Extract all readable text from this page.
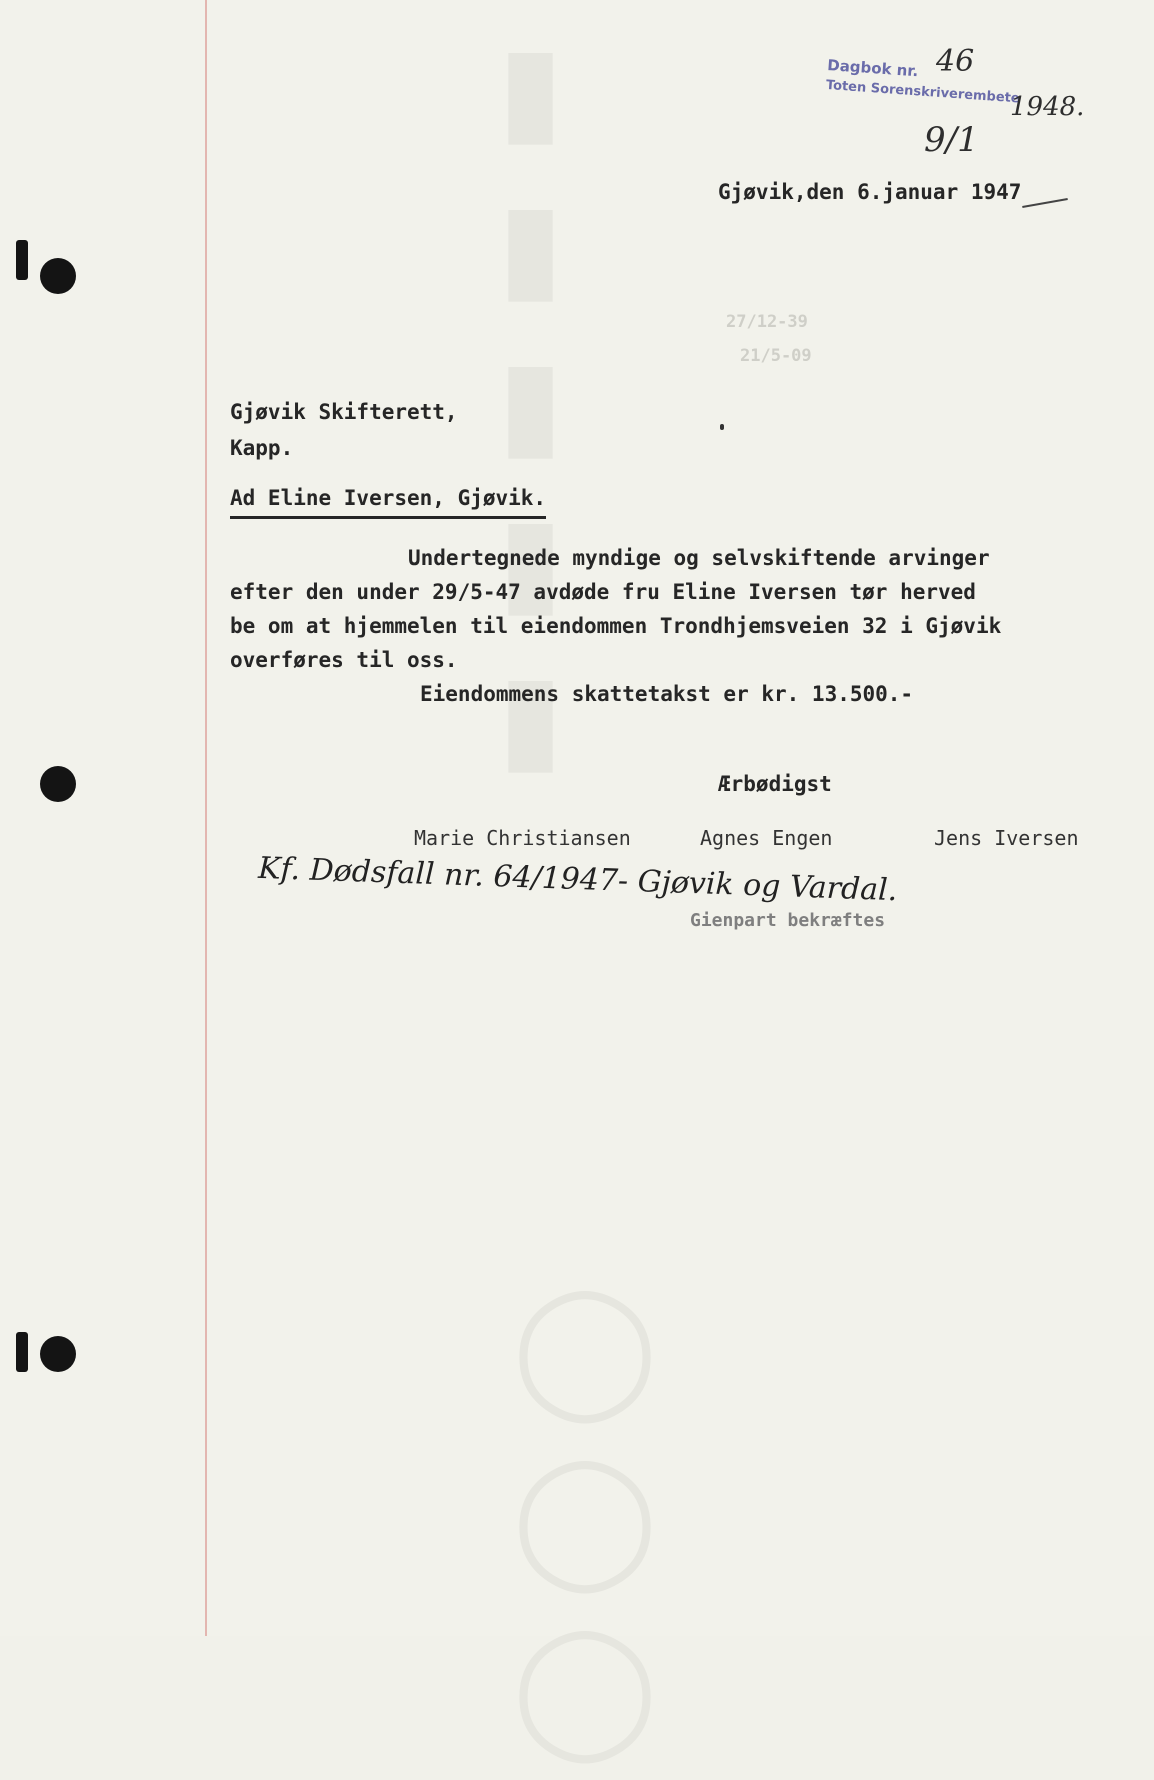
▮▮▮▮▮
◯◯◯
Dagbok nr.
Toten Sorenskriverembete
46
1948.
9/1
Gjøvik,den 6.januar 1947
27/12-39
21/5-09
Gjøvik Skifterett,
Kapp.
Ad Eline Iversen, Gjøvik.
Undertegnede myndige og selvskiftende arvinger
efter den under 29/5-47 avdøde fru Eline Iversen tør herved
be om at hjemmelen til eiendommen Trondhjemsveien 32 i Gjøvik
overføres til oss.
Eiendommens skattetakst er kr. 13.500.-
Ærbødigst
Marie Christiansen	Agnes Engen	Jens Iversen
Kf. Dødsfall nr. 64/1947- Gjøvik og Vardal.
Gienpart bekræftes
